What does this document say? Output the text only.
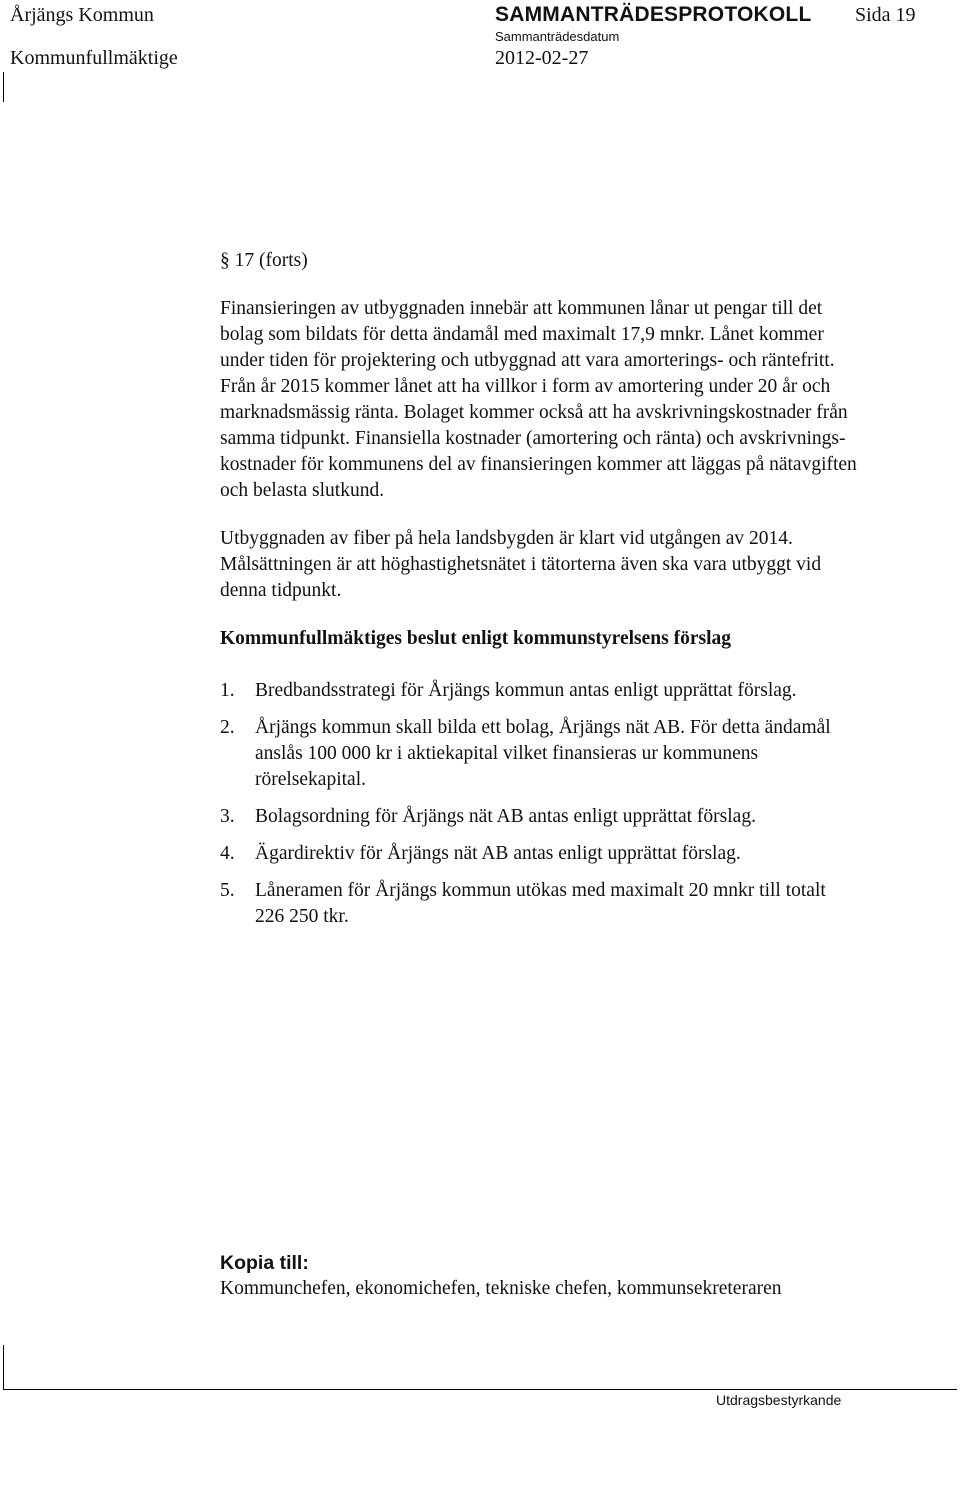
Årjängs Kommun	SAMMANTRÄDESPROTOKOLL Sida 19
Kommunfullmäktige
Sammanträdesdatum
2012-02-27
Utdragsbestyrkande

§ 17 (forts)

Finansieringen av utbyggnaden innebär att kommunen lånar ut pengar till det

bolag som bildats för detta ändamål med maximalt 17,9 mnkr. Lånet kommer

under tiden för projektering och utbyggnad att vara amorterings- och räntefritt.

Från år 2015 kommer lånet att ha villkor i form av amortering under 20 år och

marknadsmässig ränta. Bolaget kommer också att ha avskrivningskostnader från

samma tidpunkt. Finansiella kostnader (amortering och ränta) och avskrivnings-

kostnader för kommunens del av finansieringen kommer att läggas på nätavgiften

och belasta slutkund.

Utbyggnaden av fiber på hela landsbygden är klart vid utgången av 2014.

Målsättningen är att höghastighetsnätet i tätorterna även ska vara utbyggt vid

denna tidpunkt.

Kommunfullmäktiges beslut enligt kommunstyrelsens förslag

1. Bredbandsstrategi för Årjängs kommun antas enligt upprättat förslag.
2. Årjängs kommun skall bilda ett bolag, Årjängs nät AB. För detta ändamål
anslås 100 000 kr i aktiekapital vilket finansieras ur kommunens
rörelsekapital.
3. Bolagsordning för Årjängs nät AB antas enligt upprättat förslag.
4. Ägardirektiv för Årjängs nät AB antas enligt upprättat förslag.
5. Låneramen för Årjängs kommun utökas med maximalt 20 mnkr till totalt
226 250 tkr.
Kopia till:
Kommunchefen, ekonomichefen, tekniske chefen, kommunsekreteraren
